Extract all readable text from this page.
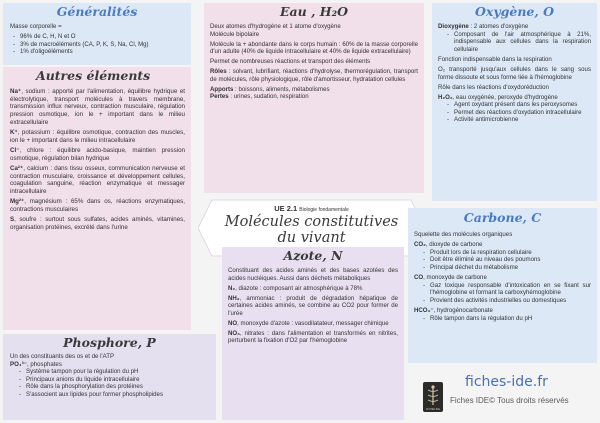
Généralités

Masse corporelle =

- 96% de C, H, N et O
- 3% de macroéléments (CA, P, K, S, Na, Cl, Mg)
- 1% d'oligoéléments
Autres éléments

Na⁺, sodium : apporté par l'alimentation, équilibre hydrique et électrolytique, transport molécules à travers membrane, transmission influx nerveux, contraction musculaire, régulation pression osmotique, ion le + important dans le milieu extracellulaire

K⁺, potassium : équilibre osmotique, contraction des muscles, ion le + important dans le milieu intracellulaire

Cl⁻, chlore : équilibre acido-basique, maintien pression osmotique, régulation bilan hydrique

Ca²⁺, calcium : dans tissu osseux, communication nerveuse et contraction musculaire, croissance et développement cellules, coagulation sanguine, réaction enzymatique et messager intracellulaire

Mg²⁺, magnésium : 65% dans os, réactions enzymatiques, contractions musculaires

S, soufre : surtout sous sulfates, acides aminés, vitamines, organisation protéines, excrété dans l'urine

Eau , H₂O

Deux atomes d'hydrogène et 1 atome d'oxygène
Molécule bipolaire

Molécule la + abondante dans le corps humain : 60% de la masse corporelle d'un adulte (40% de liquide intracellulaire et 40% de liquide extracellulaire)

Permet de nombreuses réactions et transport des éléments

Rôles : solvant, lubrifiant, réactions d'hydrolyse, thermorégulation, transport de molécules, rôle physiologique, rôle d'amortisseur, hydratation cellules

Apports : boissons, aliments, métabolismes
Pertes : urines, sudation, respiration

Oxygène, O

Dioxygène : 2 atomes d'oxygène

- Composant de l'air atmosphérique à 21%, indispensable aux cellules dans la respiration cellulaire

Fonction indispensable dans la respiration

O₂ transporté jusqu'aux cellules dans le sang sous forme dissoute et sous forme liée à l'hémoglobine

Rôle dans les réactions d'oxydoréduction

H₂O₂, eau oxygénée, peroxyde d'hydrogène

- Agent oxydant présent dans les peroxysomes
- Permet des réactions d'oxydation intracellulaire
- Activité antimicrobienne
UE 2.1 Biologie fondamentale
Molécules constitutives
du vivant
Azote, N

Constituant des acides aminés et des bases azotées des acides nucléiques. Aussi dans déchets métaboliques

N₂, diazote : composant air atmosphérique à 78%

NH₃, ammoniac : produit de dégradation hépatique de certaines acides aminés, se combine au CO2 pour former de l'urée

NO, monoxyde d'azote : vasodilatateur, messager chimique

NO₃, nitrates : dans l'alimentation et transformés en nitrites, perturbent la fixation d'O2 par l'hémoglobine

Carbone, C

Squelette des molécules organiques

CO₂, dioxyde de carbone

- Produit lors de la respiration cellulaire
- Doit être éliminé au niveau des poumons
- Principal déchet du métabolisme

CO, monoxyde de carbone

- Gaz toxique responsable d'intoxication en se fixant sur l'hémoglobine et formant la carboxyhémoglobine
- Provient des activités industrielles ou domestiques

HCO₃⁻, hydrogénocarbonate

- Rôle tampon dans la régulation du pH
Phosphore, P

Un des constituants des os et de l'ATP

PO₄³⁻, phosphates

- Système tampon pour la régulation du pH
- Principaux anions du liquide intracellulaire
- Rôle dans la phosphorylation des protéines
- S'associent aux lipides pour former phospholipides
FICHES IDE
fiches-ide.fr
Fiches IDE© Tous droits réservés
